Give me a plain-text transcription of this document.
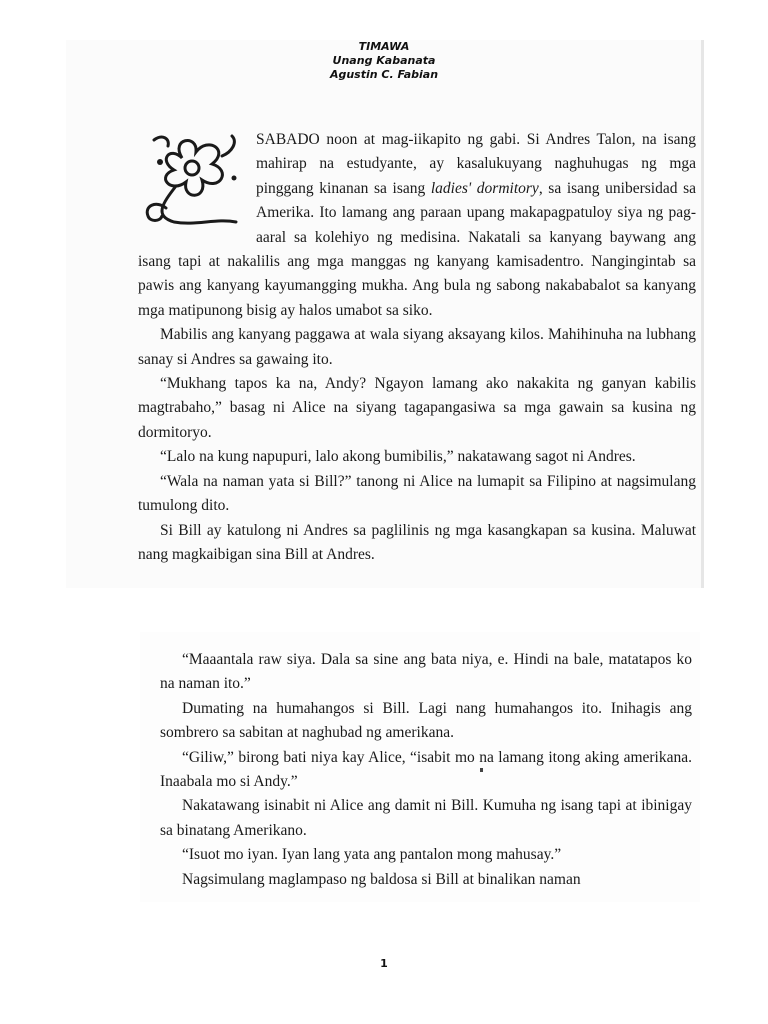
TIMAWA
Unang Kabanata
Agustin C. Fabian

SABADO noon at mag-iikapito ng gabi. Si Andres Talon, na isang mahirap na estudyante, ay kasalukuyang naghuhugas ng mga pinggang kinanan sa isang ladies' dormitory, sa isang unibersidad sa Amerika. Ito lamang ang paraan upang makapagpatuloy siya ng pag-aaral sa kolehiyo ng medisina. Nakatali sa kanyang baywang ang isang tapi at nakalilis ang mga manggas ng kanyang kamisadentro. Nangingintab sa pawis ang kanyang kayumangging mukha. Ang bula ng sabong nakababalot sa kanyang mga matipunong bisig ay halos umabot sa siko.

Mabilis ang kanyang paggawa at wala siyang aksayang kilos. Mahihinuha na lubhang sanay si Andres sa gawaing ito.

“Mukhang tapos ka na, Andy? Ngayon lamang ako nakakita ng ganyan kabilis magtrabaho,” basag ni Alice na siyang tagapangasiwa sa mga gawain sa kusina ng dormitoryo.

“Lalo na kung napupuri, lalo akong bumibilis,” nakatawang sagot ni Andres.

“Wala na naman yata si Bill?” tanong ni Alice na lumapit sa Filipino at nagsimulang tumulong dito.

Si Bill ay katulong ni Andres sa paglilinis ng mga kasangkapan sa kusina. Maluwat nang magkaibigan sina Bill at Andres.

“Maaantala raw siya. Dala sa sine ang bata niya, e. Hindi na bale, matatapos ko na naman ito.”

Dumating na humahangos si Bill. Lagi nang humahangos ito. Inihagis ang sombrero sa sabitan at naghubad ng amerikana.

“Giliw,” birong bati niya kay Alice, “isabit mo na lamang itong aking amerikana. Inaabala mo si Andy.”

Nakatawang isinabit ni Alice ang damit ni Bill. Kumuha ng isang tapi at ibinigay sa binatang Amerikano.

“Isuot mo iyan. Iyan lang yata ang pantalon mong mahusay.”

Nagsimulang maglampaso ng baldosa si Bill at binalikan naman

1
